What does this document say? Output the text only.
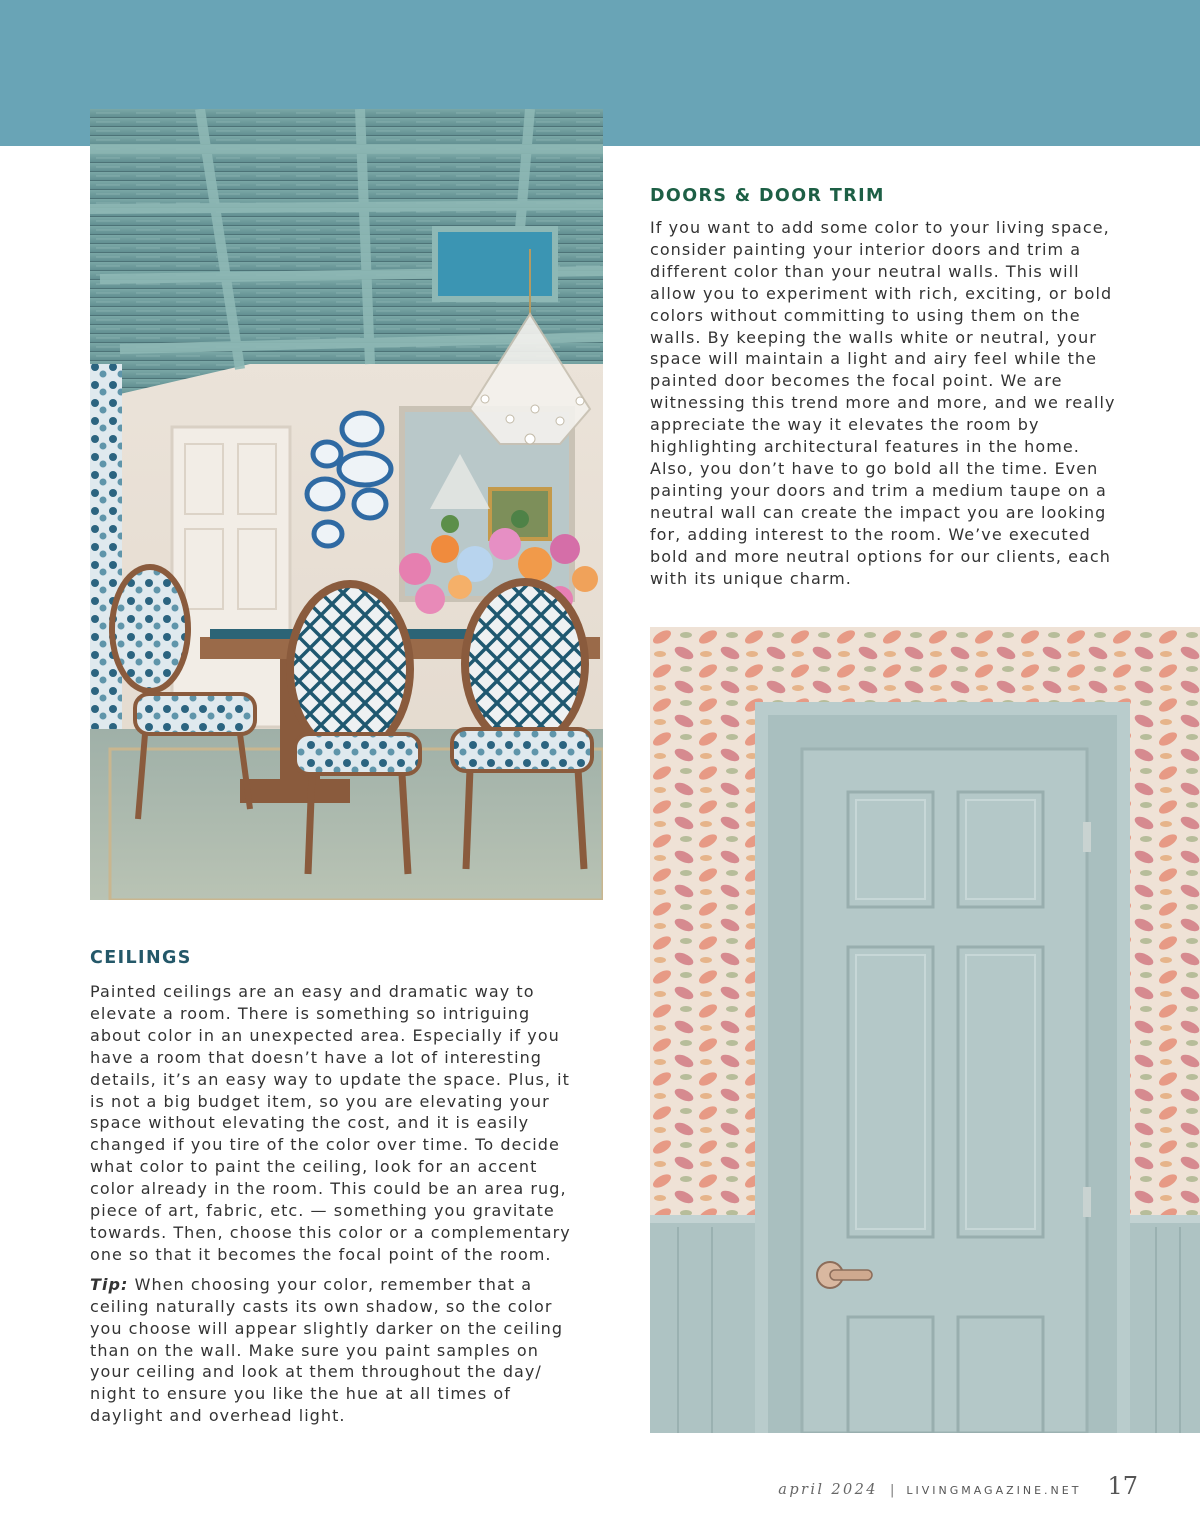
DOORS & DOOR TRIM

If you want to add some color to your living space, consider painting your interior doors and trim a different color than your neutral walls. This will allow you to experiment with rich, exciting, or bold colors without committing to using them on the walls. By keeping the walls white or neutral, your space will maintain a light and airy feel while the painted door becomes the focal point. We are witnessing this trend more and more, and we really appreciate the way it elevates the room by highlighting architectural features in the home. Also, you don’t have to go bold all the time. Even painting your doors and trim a medium taupe on a neutral wall can create the impact you are looking for, adding interest to the room. We’ve executed bold and more neutral options for our clients, each with its unique charm.

CEILINGS

Painted ceilings are an easy and dramatic way to elevate a room. There is something so intriguing about color in an unexpected area. Especially if you have a room that doesn’t have a lot of interesting details, it’s an easy way to update the space. Plus, it is not a big budget item, so you are elevating your space without elevating the cost, and it is easily changed if you tire of the color over time. To decide what color to paint the ceiling, look for an accent color already in the room. This could be an area rug, piece of art, fabric, etc. — something you gravitate towards. Then, choose this color or a complementary one so that it becomes the focal point of the room.

Tip: When choosing your color, remember that a ceiling naturally casts its own shadow, so the color you choose will appear slightly darker on the ceiling than on the wall. Make sure you paint samples on your ceiling and look at them throughout the day/ night to ensure you like the hue at all times of daylight and overhead light.

april 2024 | LIVINGMAGAZINE.NET 17
